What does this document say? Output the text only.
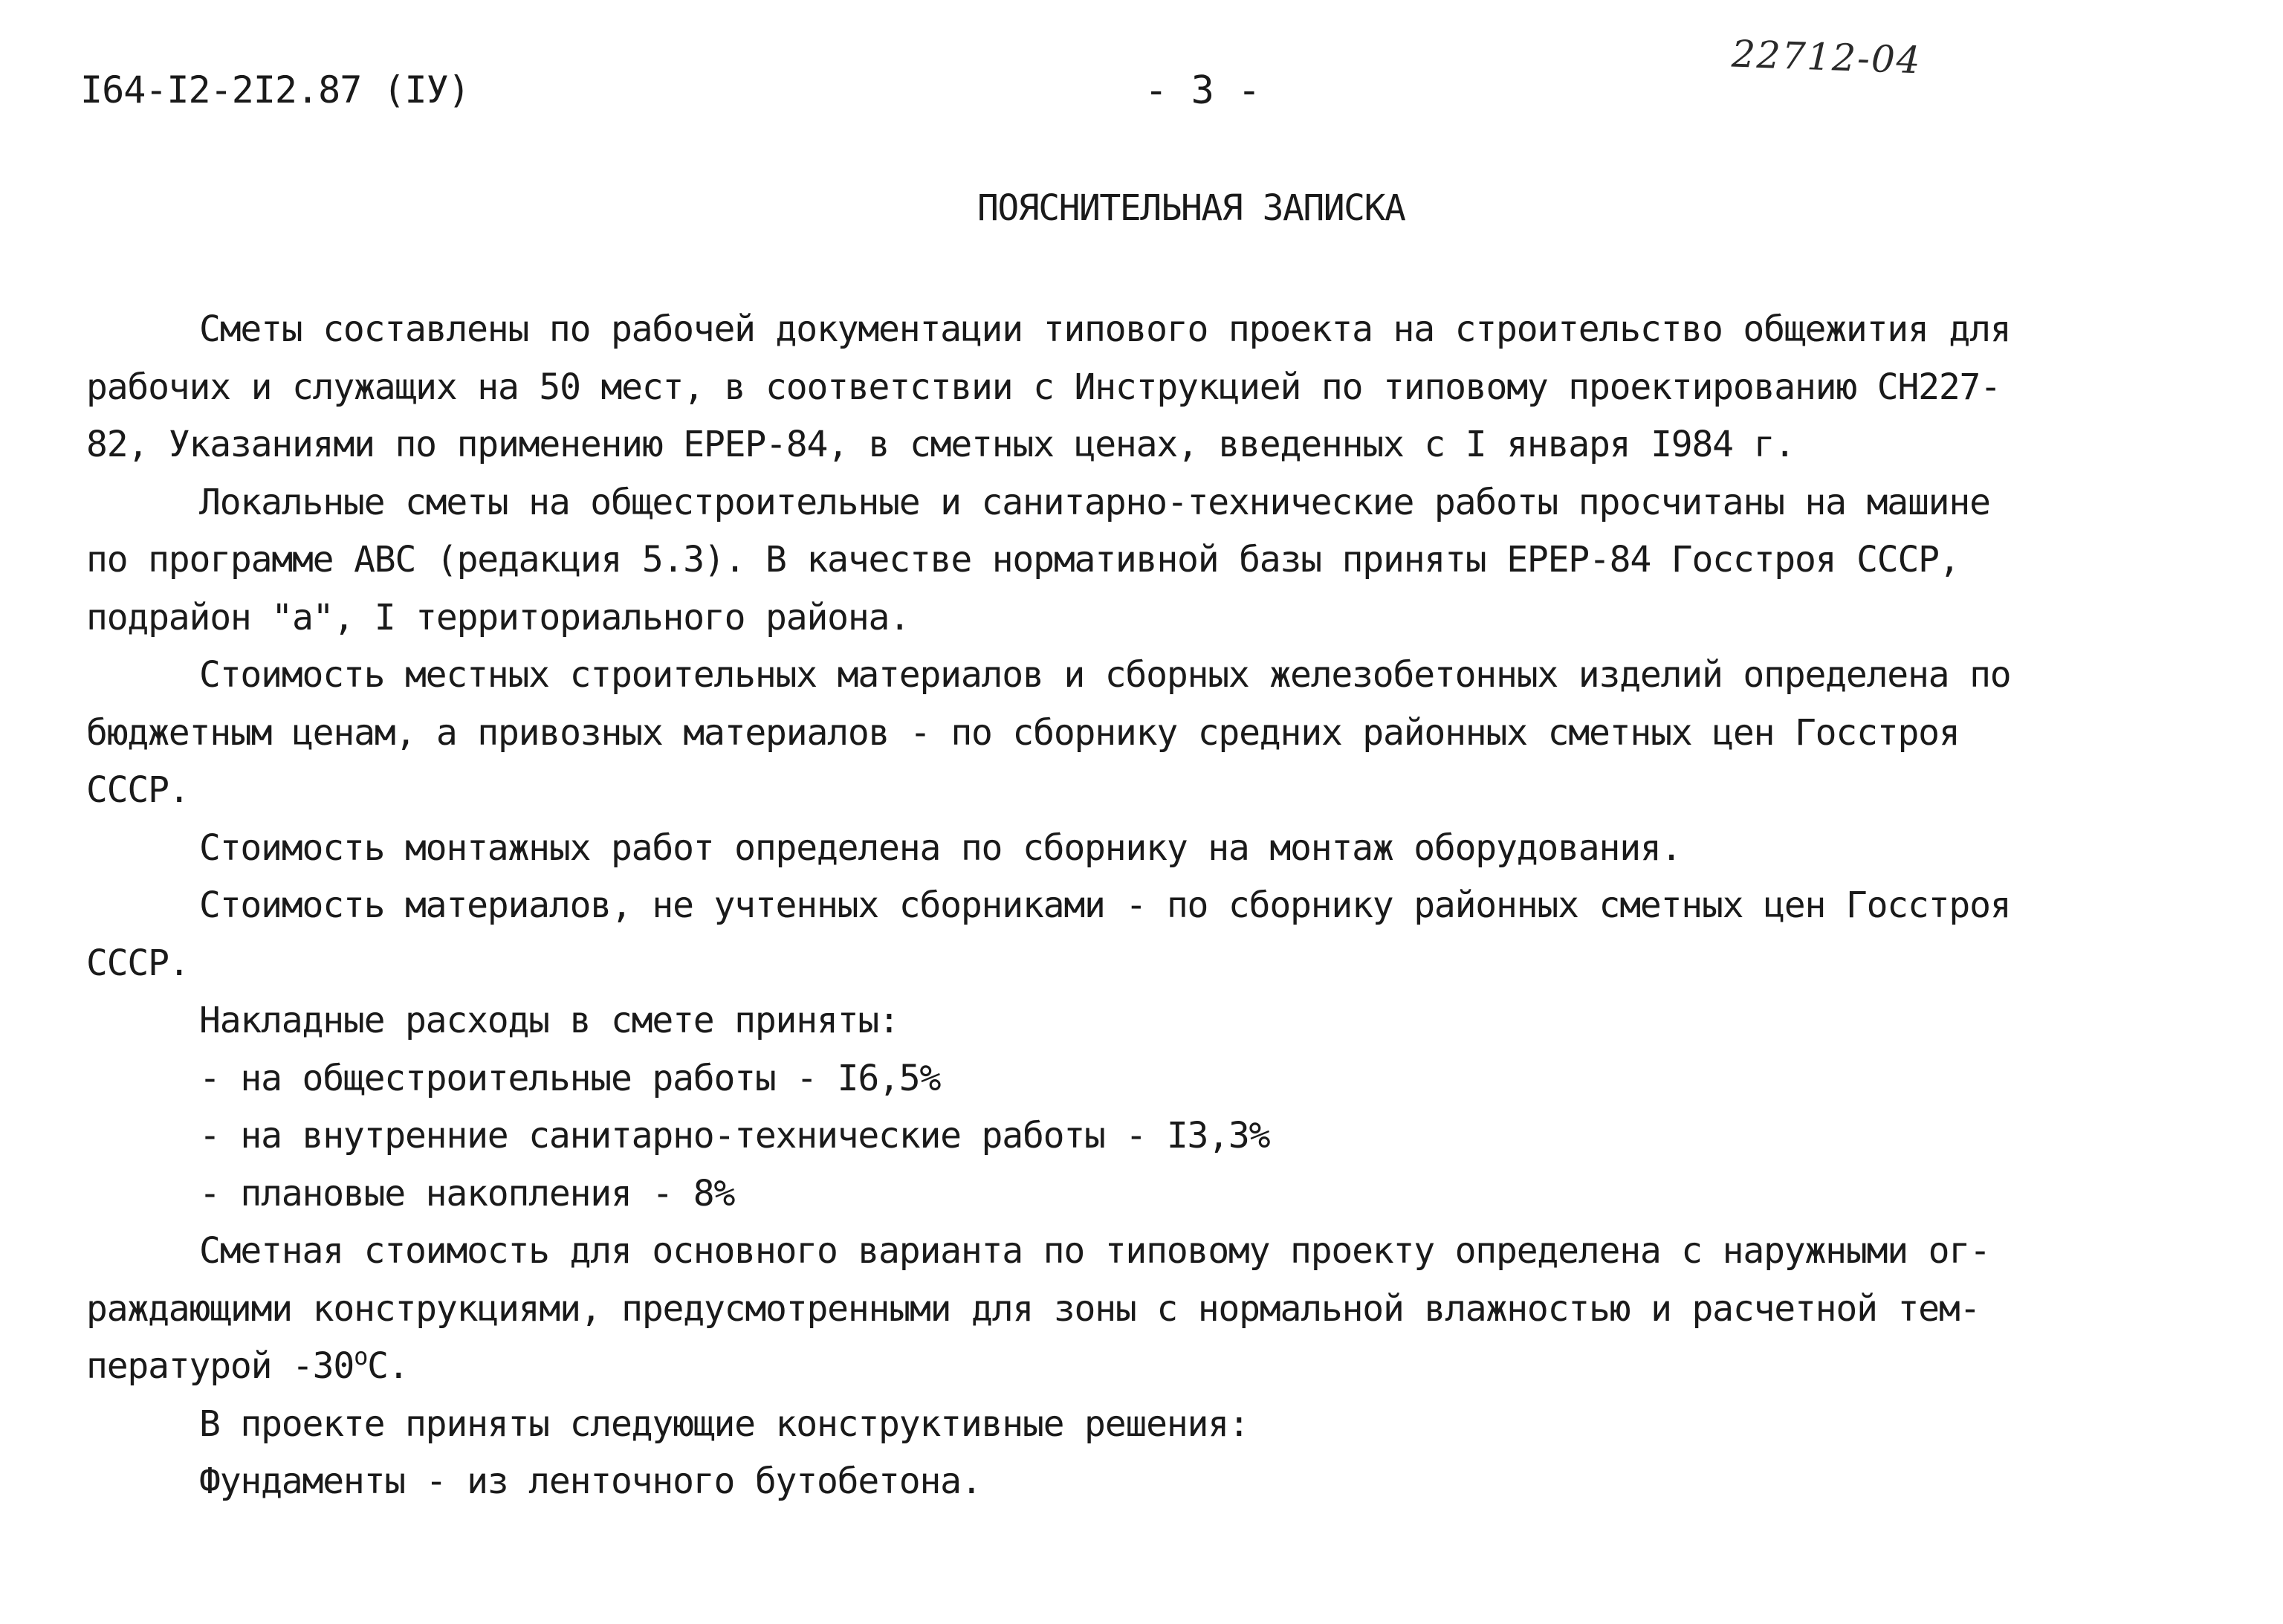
I64-I2-2I2.87 (IУ)	- 3 -
22712-04
ПОЯСНИТЕЛЬНАЯ ЗАПИСКА
Сметы составлены по рабочей документации типового проекта на строительство общежития для
рабочих и служащих на 50 мест, в соответствии с Инструкцией по типовому проектированию СН227-
82, Указаниями по применению ЕРЕР-84, в сметных ценах, введенных с I января I984 г.
Локальные сметы на общестроительные и санитарно-технические работы просчитаны на машине
по программе АВС (редакция 5.3). В качестве нормативной базы приняты ЕРЕР-84 Госстроя СССР,
подрайон "а", I территориального района.
Стоимость местных строительных материалов и сборных железобетонных изделий определена по
бюджетным ценам, а привозных материалов - по сборнику средних районных сметных цен Госстроя
СССР.
Стоимость монтажных работ определена по сборнику на монтаж оборудования.
Стоимость материалов, не учтенных сборниками - по сборнику районных сметных цен Госстроя
СССР.
Накладные расходы в смете приняты:
- на общестроительные работы - I6,5%
- на внутренние санитарно-технические работы - I3,3%
- плановые накопления - 8%
Сметная стоимость для основного варианта по типовому проекту определена с наружными ог-
раждающими конструкциями, предусмотренными для зоны с нормальной влажностью и расчетной тем-
пературой $-30^оС$.
В проекте приняты следующие конструктивные решения:
Фундаменты - из ленточного бутобетона.
